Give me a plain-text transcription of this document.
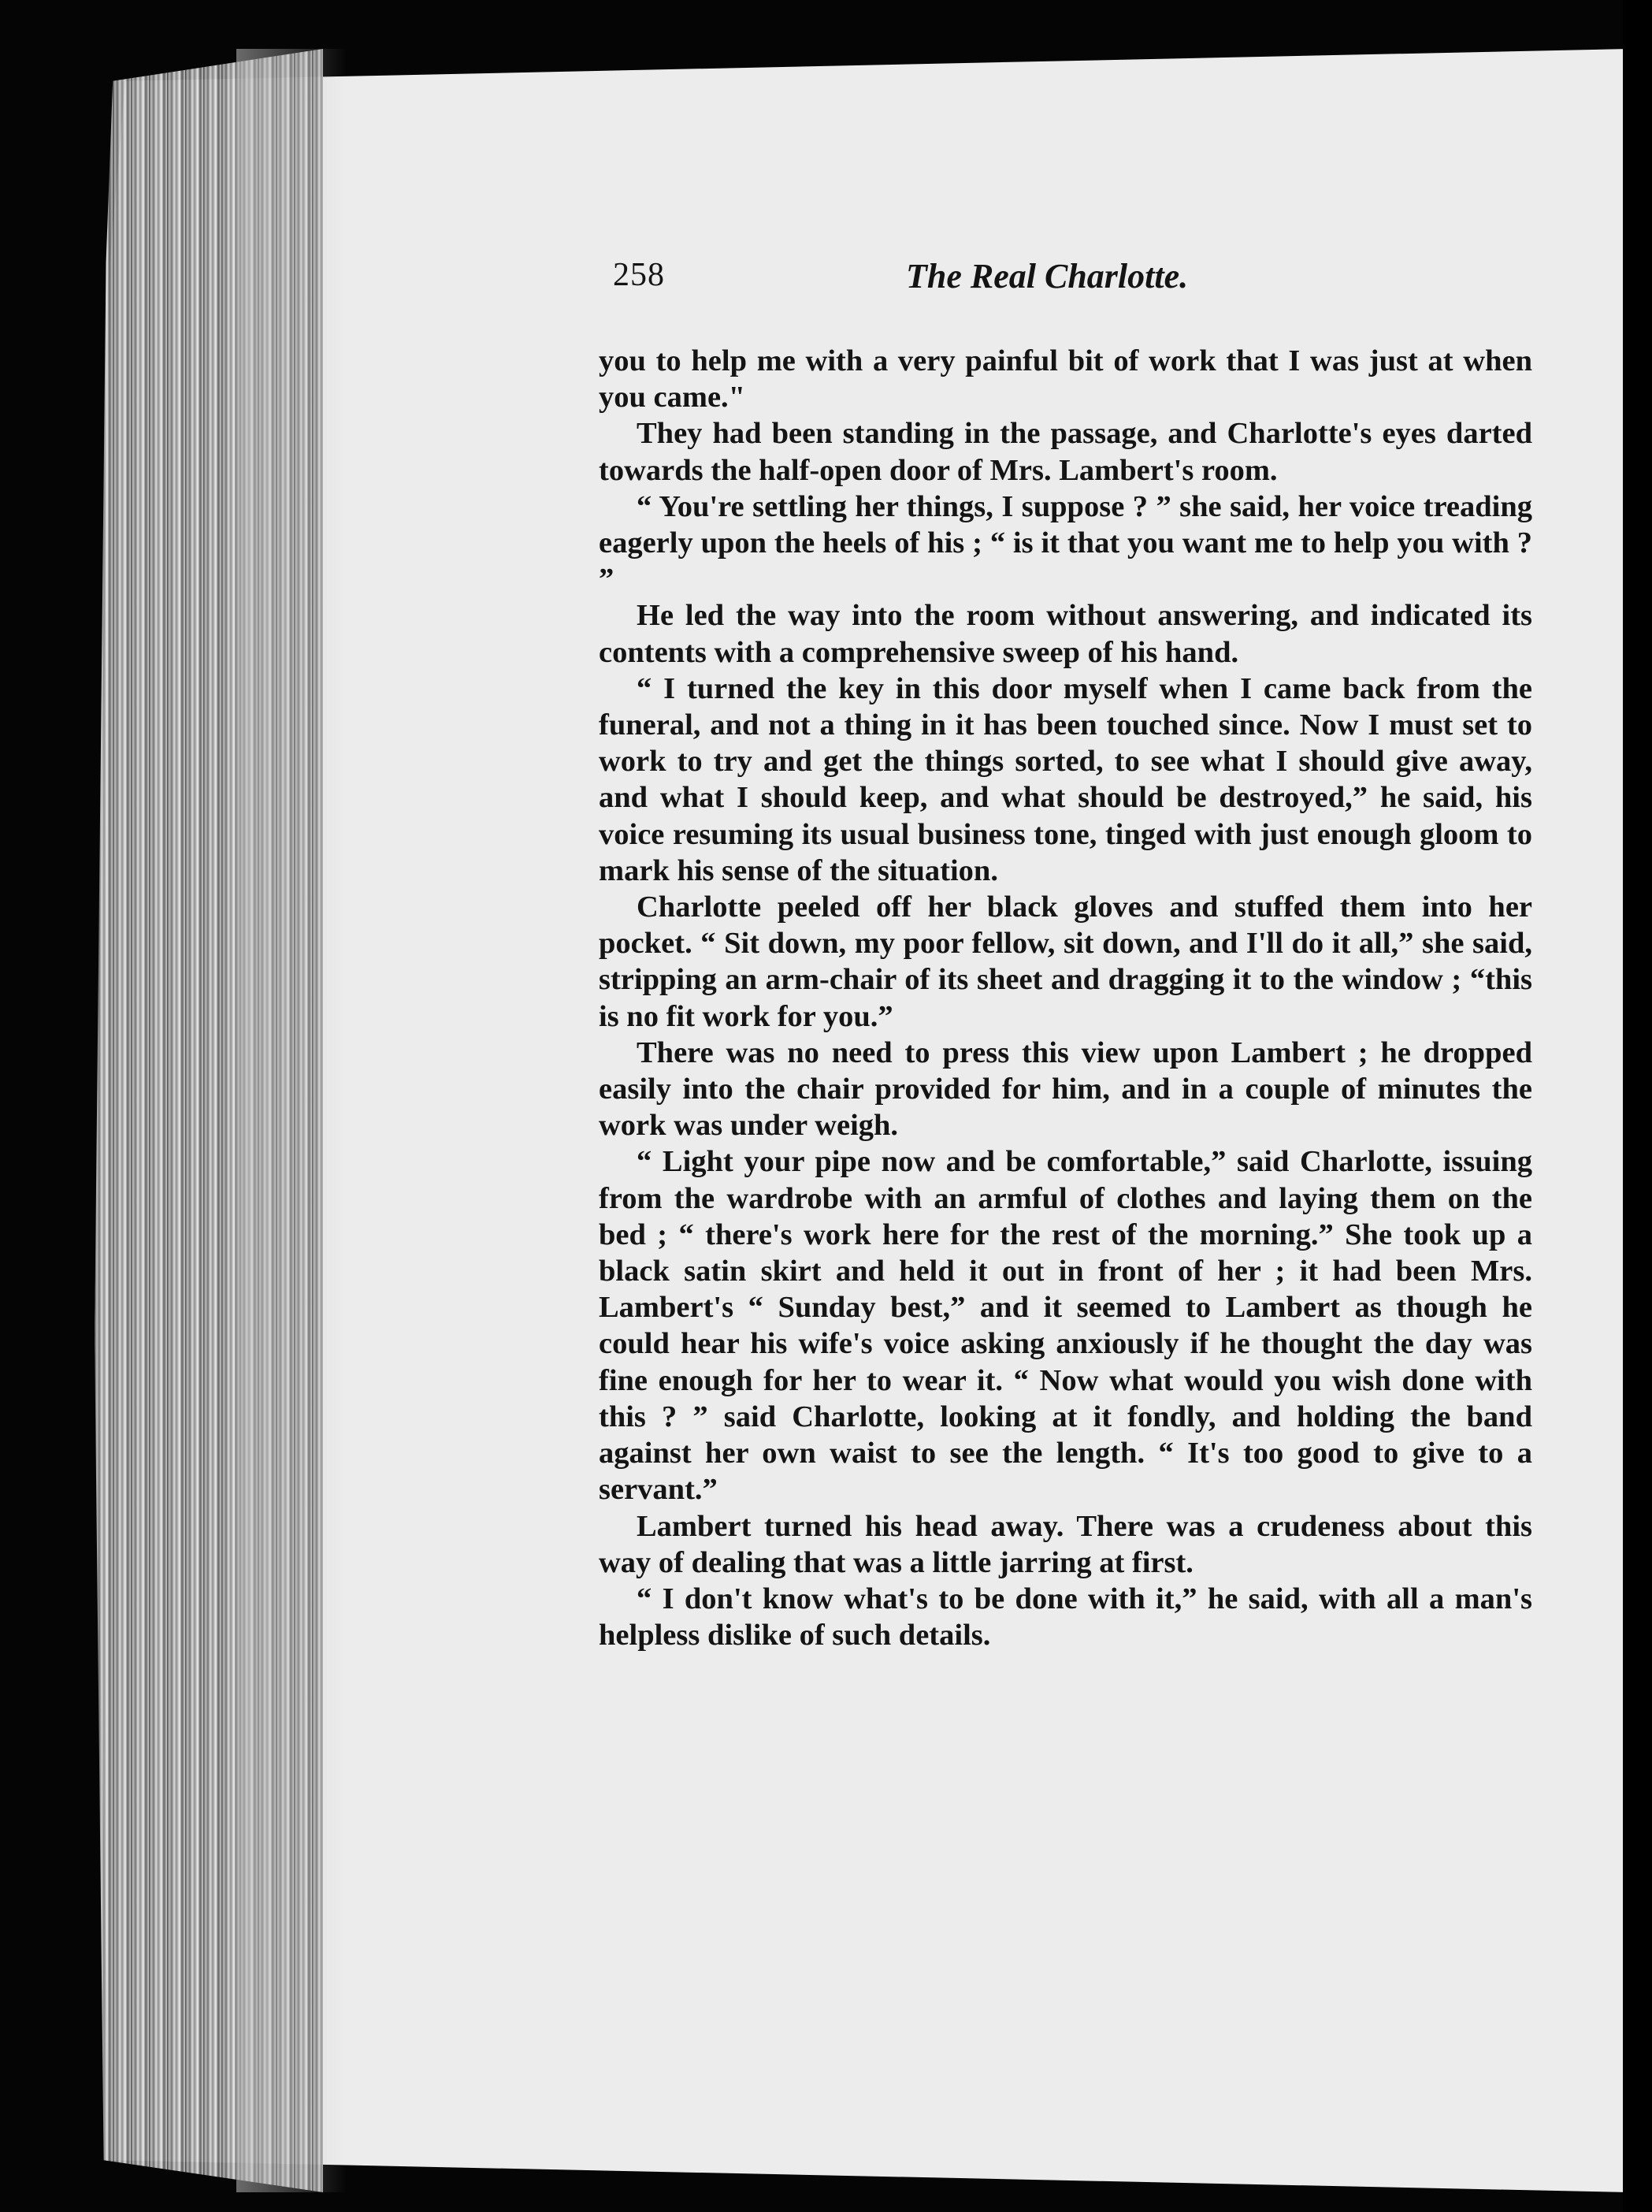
258	The Real Charlotte.

you to help me with a very painful bit of work that I was just at when you came."

They had been standing in the passage, and Charlotte's eyes darted towards the half-open door of Mrs. Lambert's room.

“ You're settling her things, I suppose ? ” she said, her voice treading eagerly upon the heels of his ; “ is it that you want me to help you with ? ”

He led the way into the room without answering, and indicated its contents with a comprehensive sweep of his hand.

“ I turned the key in this door myself when I came back from the funeral, and not a thing in it has been touched since. Now I must set to work to try and get the things sorted, to see what I should give away, and what I should keep, and what should be destroyed,” he said, his voice resuming its usual business tone, tinged with just enough gloom to mark his sense of the situation.

Charlotte peeled off her black gloves and stuffed them into her pocket. “ Sit down, my poor fellow, sit down, and I'll do it all,” she said, stripping an arm-chair of its sheet and dragging it to the window ; “this is no fit work for you.”

There was no need to press this view upon Lambert ; he dropped easily into the chair provided for him, and in a couple of minutes the work was under weigh.

“ Light your pipe now and be comfortable,” said Charlotte, issuing from the wardrobe with an armful of clothes and laying them on the bed ; “ there's work here for the rest of the morning.” She took up a black satin skirt and held it out in front of her ; it had been Mrs. Lambert's “ Sunday best,” and it seemed to Lambert as though he could hear his wife's voice asking anxiously if he thought the day was fine enough for her to wear it. “ Now what would you wish done with this ? ” said Charlotte, looking at it fondly, and holding the band against her own waist to see the length. “ It's too good to give to a servant.”

Lambert turned his head away. There was a crudeness about this way of dealing that was a little jarring at first.

“ I don't know what's to be done with it,” he said, with all a man's helpless dislike of such details.
